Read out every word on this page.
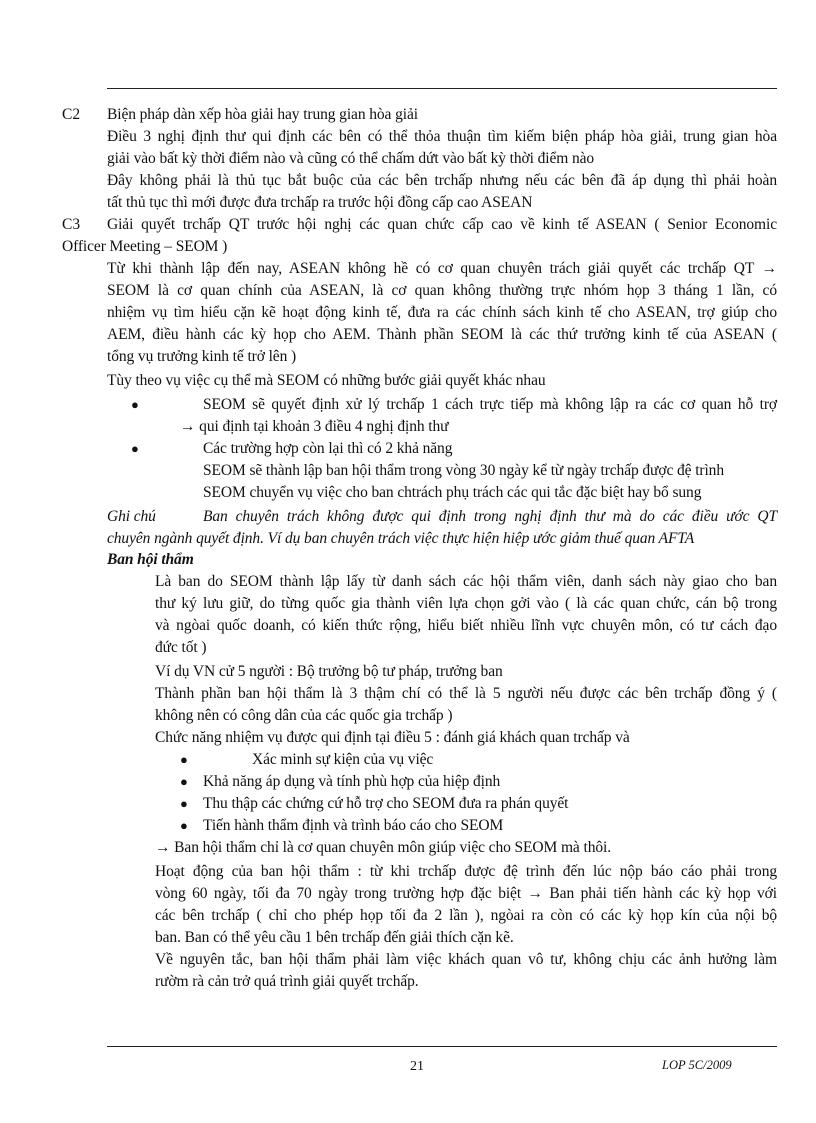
C2 Biện pháp dàn xếp hòa giải hay trung gian hòa giải
Điều 3 nghị định thư qui định các bên có thể thỏa thuận tìm kiếm biện pháp hòa giải, trung gian hòa
giải vào bất kỳ thời điểm nào và cũng có thể chấm dứt vào bất kỳ thời điểm nào
Đây không phải là thủ tục bắt buộc của các bên trchấp nhưng nếu các bên đã áp dụng thì phải hoàn
tất thủ tục thì mới được đưa trchấp ra trước hội đồng cấp cao ASEAN
C3 Giải quyết trchấp QT trước hội nghị các quan chức cấp cao về kinh tế ASEAN ( Senior Economic
Officer Meeting – SEOM )
Từ khi thành lập đến nay, ASEAN không hề có cơ quan chuyên trách giải quyết các trchấp QT →
SEOM là cơ quan chính của ASEAN, là cơ quan không thường trực nhóm họp 3 tháng 1 lần, có
nhiệm vụ tìm hiểu cặn kẽ hoạt động kinh tế, đưa ra các chính sách kinh tế cho ASEAN, trợ giúp cho
AEM, điều hành các kỳ họp cho AEM. Thành phần SEOM là các thứ trưởng kinh tế của ASEAN (
tổng vụ trưởng kinh tế trở lên )
Tùy theo vụ việc cụ thể mà SEOM có những bước giải quyết khác nhau
●	SEOM sẽ quyết định xử lý trchấp 1 cách trực tiếp mà không lập ra các cơ quan hỗ trợ
→ qui định tại khoản 3 điều 4 nghị định thư
●	Các trường hợp còn lại thì có 2 khả năng
SEOM sẽ thành lập ban hội thẩm trong vòng 30 ngày kể từ ngày trchấp được đệ trình
SEOM chuyển vụ việc cho ban chtrách phụ trách các qui tắc đặc biệt hay bổ sung
Ghi chú	Ban chuyên trách không được qui định trong nghị định thư mà do các điều ước QT
chuyên ngành quyết định. Ví dụ ban chuyên trách việc thực hiện hiệp ước giảm thuế quan AFTA
Ban hội thẩm
Là ban do SEOM thành lập lấy từ danh sách các hội thẩm viên, danh sách này giao cho ban
thư ký lưu giữ, do từng quốc gia thành viên lựa chọn gởi vào ( là các quan chức, cán bộ trong
và ngòai quốc doanh, có kiến thức rộng, hiểu biết nhiều lĩnh vực chuyên môn, có tư cách đạo
đức tốt )
Ví dụ VN cử 5 người : Bộ trưởng bộ tư pháp, trưởng ban
Thành phần ban hội thẩm là 3 thậm chí có thể là 5 người nếu được các bên trchấp đồng ý (
không nên có công dân của các quốc gia trchấp )
Chức năng nhiệm vụ được qui định tại điều 5 : đánh giá khách quan trchấp và
●	Xác minh sự kiện của vụ việc
● Khả năng áp dụng và tính phù hợp của hiệp định
● Thu thập các chứng cứ hỗ trợ cho SEOM đưa ra phán quyết
● Tiến hành thẩm định và trình báo cáo cho SEOM
→ Ban hội thẩm chỉ là cơ quan chuyên môn giúp việc cho SEOM mà thôi.
Hoạt động của ban hội thẩm : từ khi trchấp được đệ trình đến lúc nộp báo cáo phải trong
vòng 60 ngày, tối đa 70 ngày trong trường hợp đặc biệt → Ban phải tiến hành các kỳ họp với
các bên trchấp ( chỉ cho phép họp tối đa 2 lần ), ngòai ra còn có các kỳ họp kín của nội bộ
ban. Ban có thể yêu cầu 1 bên trchấp đến giải thích cặn kẽ.
Về nguyên tắc, ban hội thẩm phải làm việc khách quan vô tư, không chịu các ảnh hưởng làm
rườm rà cản trở quá trình giải quyết trchấp.
21	LOP 5C/2009
